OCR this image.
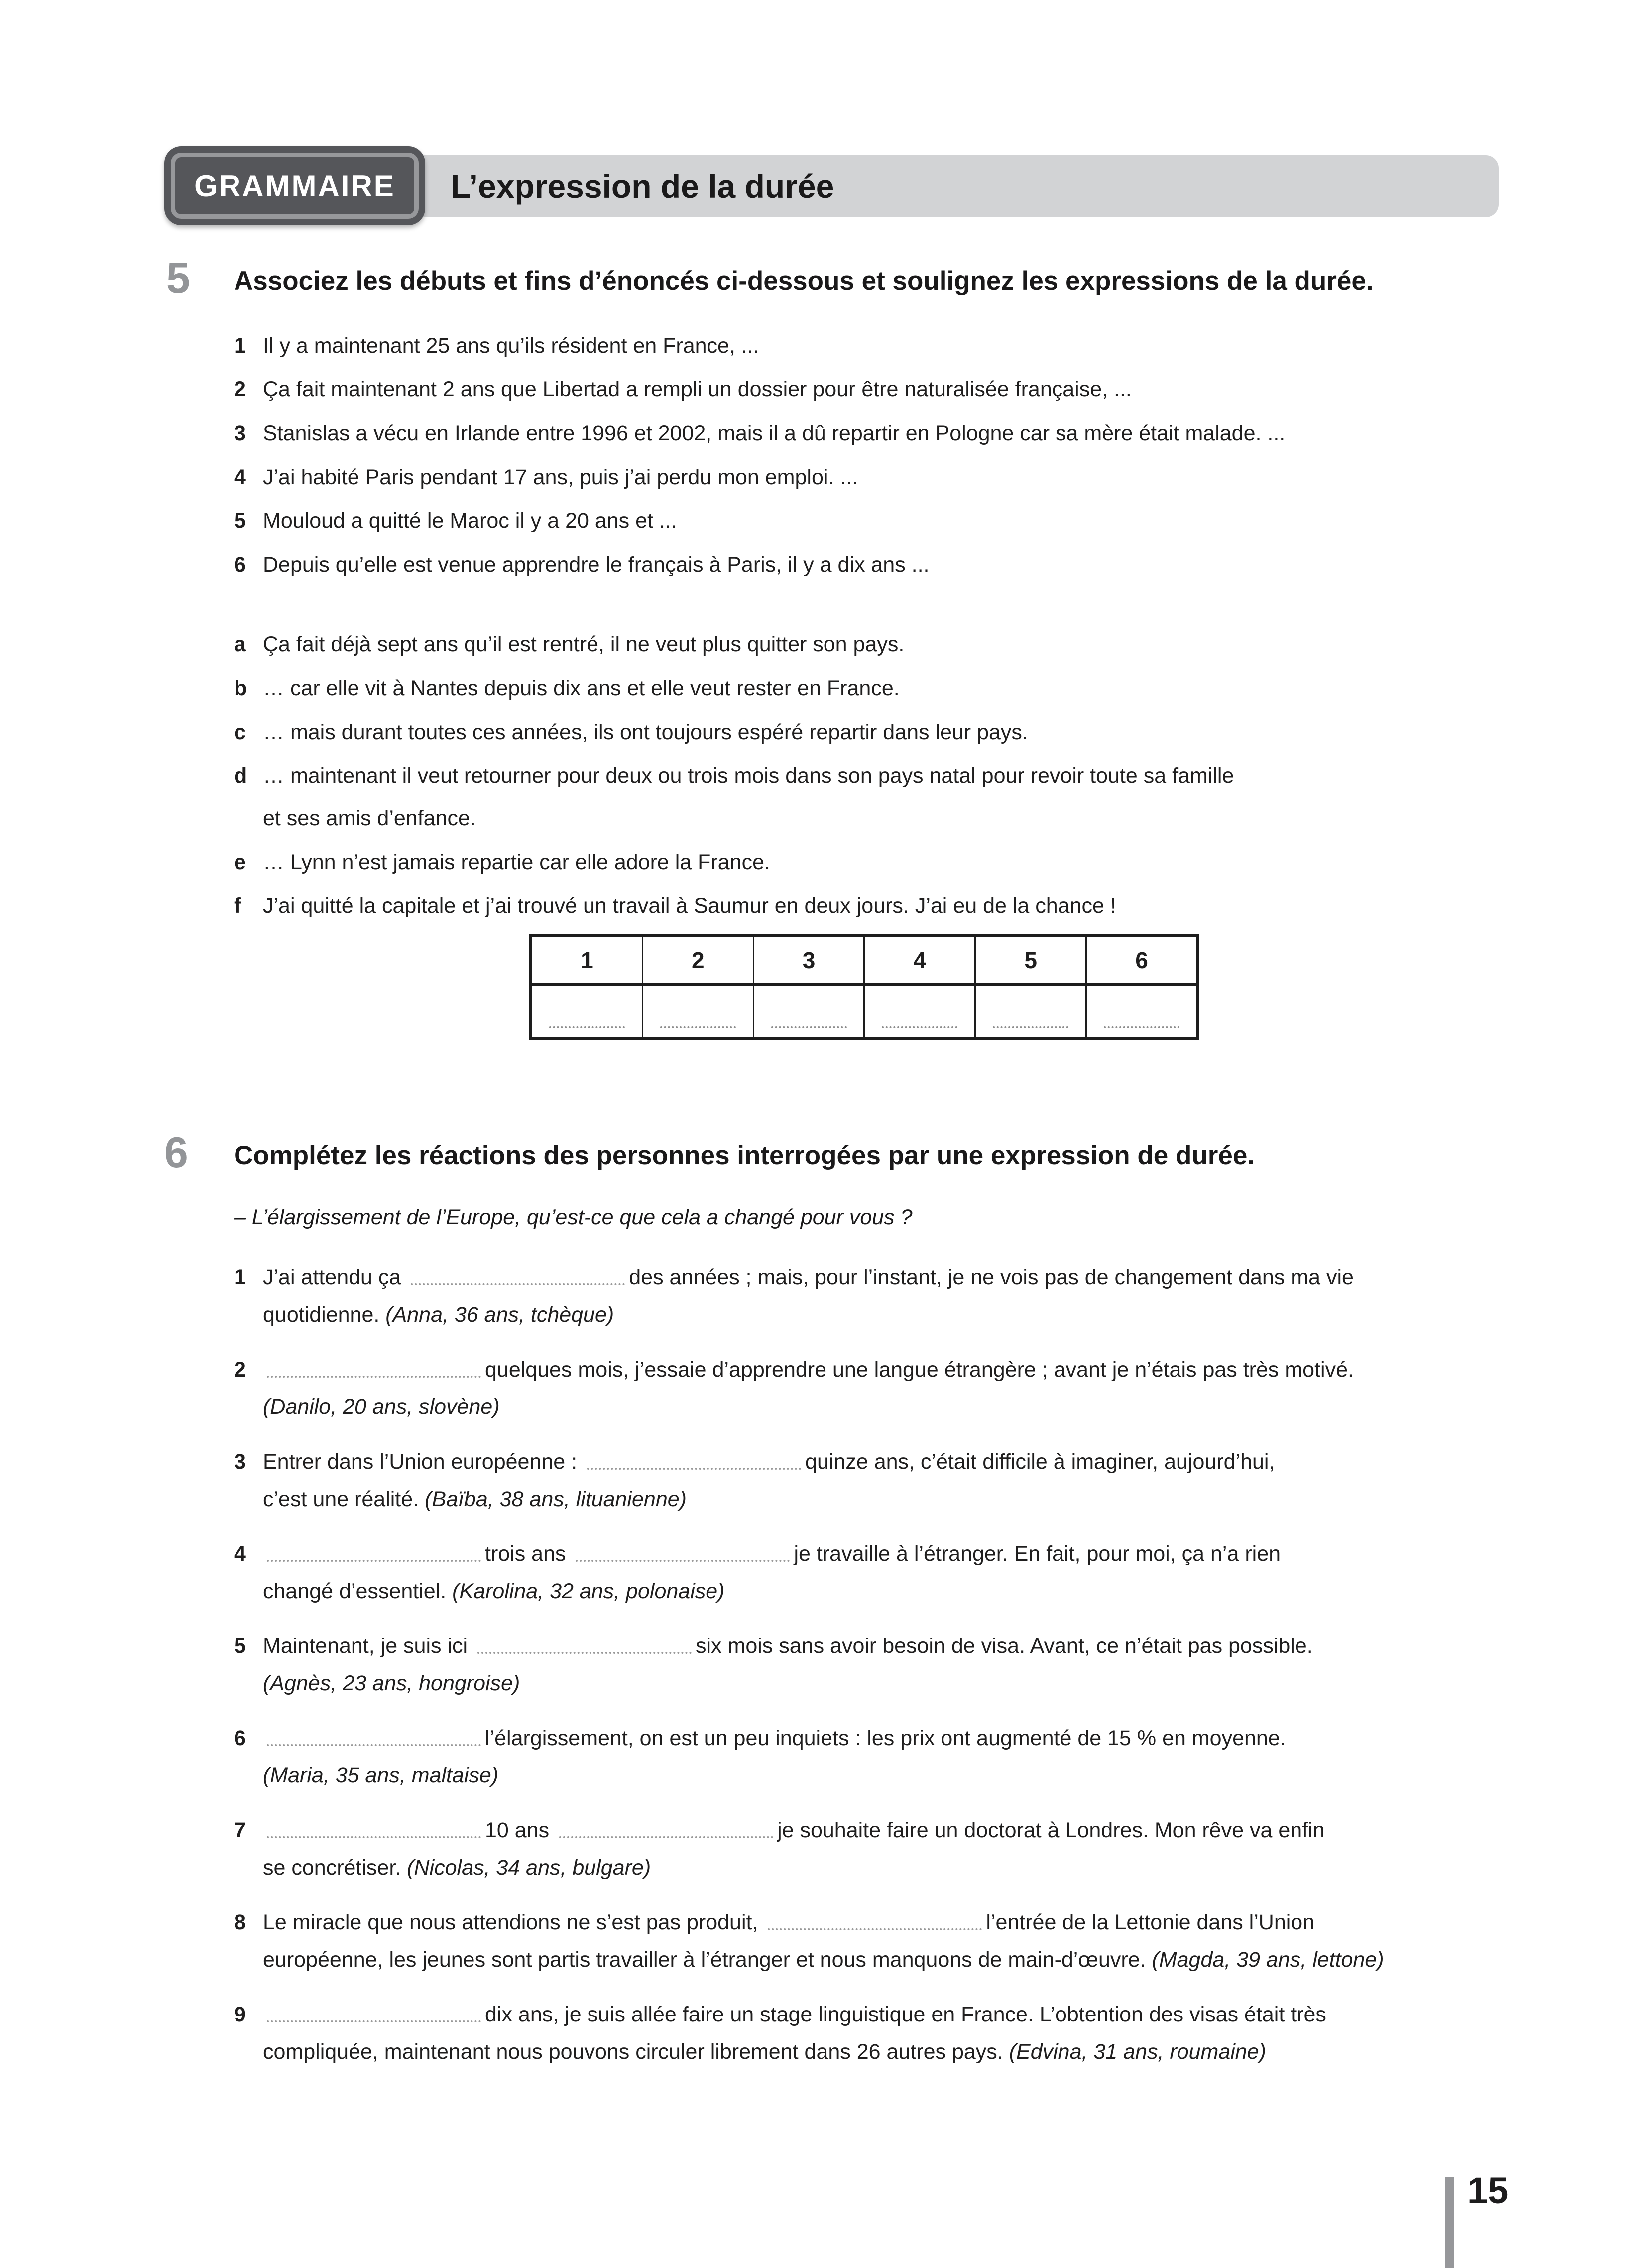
GRAMMAIRE	L’expression de la durée
5 Associez les débuts et fins d’énoncés ci-dessous et soulignez les expressions de la durée.
1 Il y a maintenant 25 ans qu’ils résident en France, ...
2 Ça fait maintenant 2 ans que Libertad a rempli un dossier pour être naturalisée française, ...
3 Stanislas a vécu en Irlande entre 1996 et 2002, mais il a dû repartir en Pologne car sa mère était malade. ...
4 J’ai habité Paris pendant 17 ans, puis j’ai perdu mon emploi. ...
5 Mouloud a quitté le Maroc il y a 20 ans et ...
6 Depuis qu’elle est venue apprendre le français à Paris, il y a dix ans ...
a Ça fait déjà sept ans qu’il est rentré, il ne veut plus quitter son pays.
b … car elle vit à Nantes depuis dix ans et elle veut rester en France.
c … mais durant toutes ces années, ils ont toujours espéré repartir dans leur pays.
d … maintenant il veut retourner pour deux ou trois mois dans son pays natal pour revoir toute sa famille
et ses amis d’enfance.
e … Lynn n’est jamais repartie car elle adore la France.
f	J’ai quitté la capitale et j’ai trouvé un travail à Saumur en deux jours. J’ai eu de la chance !
1	2	3	4	5	6
6 Complétez les réactions des personnes interrogées par une expression de durée.
– L’élargissement de l’Europe, qu’est-ce que cela a changé pour vous ?
1 J’ai attendu ça	des années ; mais, pour l’instant, je ne vois pas de changement dans ma vie
quotidienne. (Anna, 36 ans, tchèque)
2	quelques mois, j’essaie d’apprendre une langue étrangère ; avant je n’étais pas très motivé.
(Danilo, 20 ans, slovène)
3 Entrer dans l’Union européenne :	quinze ans, c’était difficile à imaginer, aujourd’hui,
c’est une réalité. (Baïba, 38 ans, lituanienne)
4	trois ans	je travaille à l’étranger. En fait, pour moi, ça n’a rien
changé d’essentiel. (Karolina, 32 ans, polonaise)
5 Maintenant, je suis ici	six mois sans avoir besoin de visa. Avant, ce n’était pas possible.
(Agnès, 23 ans, hongroise)
6	l’élargissement, on est un peu inquiets : les prix ont augmenté de 15 % en moyenne.
(Maria, 35 ans, maltaise)
7	10 ans	je souhaite faire un doctorat à Londres. Mon rêve va enfin
se concrétiser. (Nicolas, 34 ans, bulgare)
8 Le miracle que nous attendions ne s’est pas produit,	l’entrée de la Lettonie dans l’Union
européenne, les jeunes sont partis travailler à l’étranger et nous manquons de main-d’œuvre. (Magda, 39 ans, lettone)
9	dix ans, je suis allée faire un stage linguistique en France. L’obtention des visas était très
compliquée, maintenant nous pouvons circuler librement dans 26 autres pays. (Edvina, 31 ans, roumaine)
15
